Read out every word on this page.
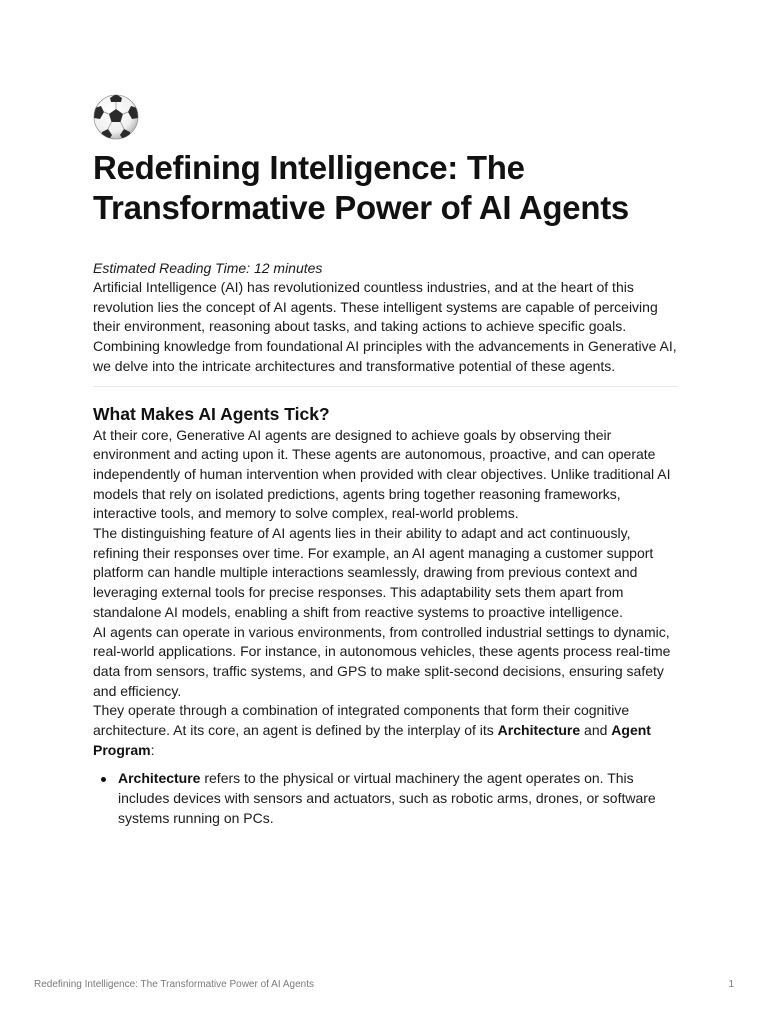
Redefining Intelligence: The Transformative Power of AI Agents

Estimated Reading Time: 12 minutes

Artificial Intelligence (AI) has revolutionized countless industries, and at the heart of this revolution lies the concept of AI agents. These intelligent systems are capable of perceiving their environment, reasoning about tasks, and taking actions to achieve specific goals. Combining knowledge from foundational AI principles with the advancements in Generative AI, we delve into the intricate architectures and transformative potential of these agents.

What Makes AI Agents Tick?

At their core, Generative AI agents are designed to achieve goals by observing their environment and acting upon it. These agents are autonomous, proactive, and can operate independently of human intervention when provided with clear objectives. Unlike traditional AI models that rely on isolated predictions, agents bring together reasoning frameworks, interactive tools, and memory to solve complex, real-world problems.

The distinguishing feature of AI agents lies in their ability to adapt and act continuously, refining their responses over time. For example, an AI agent managing a customer support platform can handle multiple interactions seamlessly, drawing from previous context and leveraging external tools for precise responses. This adaptability sets them apart from standalone AI models, enabling a shift from reactive systems to proactive intelligence.

AI agents can operate in various environments, from controlled industrial settings to dynamic, real-world applications. For instance, in autonomous vehicles, these agents process real-time data from sensors, traffic systems, and GPS to make split-second decisions, ensuring safety and efficiency.

They operate through a combination of integrated components that form their cognitive architecture. At its core, an agent is defined by the interplay of its Architecture and Agent Program:

Architecture refers to the physical or virtual machinery the agent operates on. This includes devices with sensors and actuators, such as robotic arms, drones, or software systems running on PCs.
Redefining Intelligence: The Transformative Power of AI Agents	1
